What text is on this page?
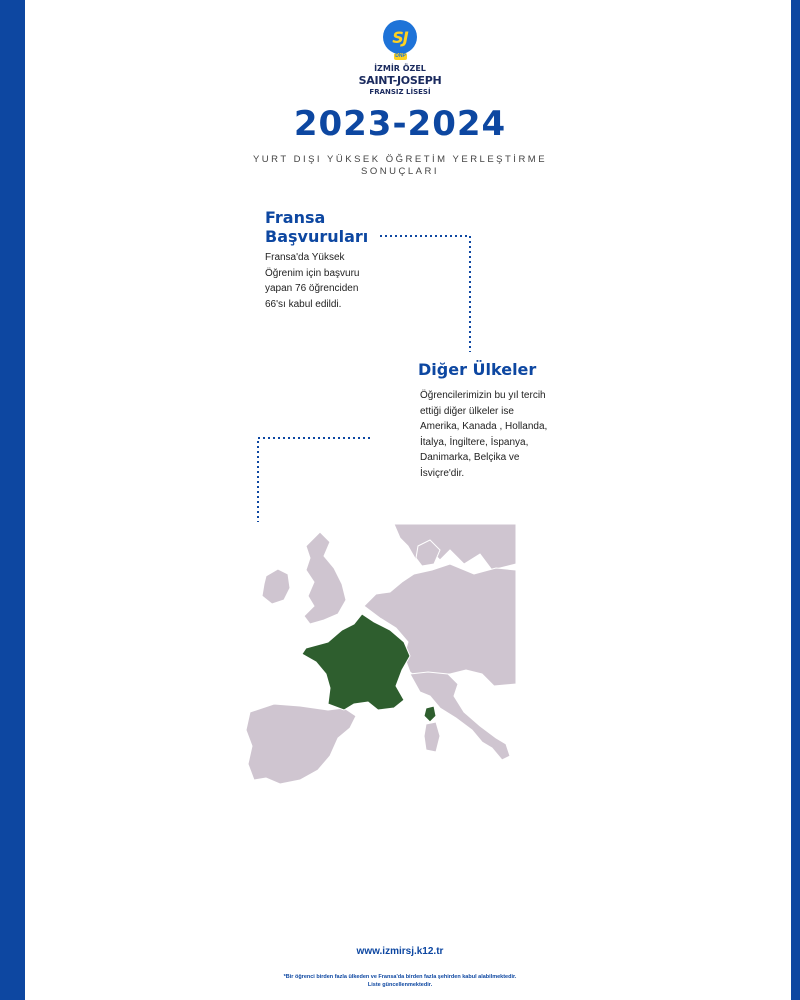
SJ
DNP
İZMİR ÖZEL
SAINT-JOSEPH
FRANSIZ LİSESİ
2023-2024
YURT DIŞI YÜKSEK ÖĞRETİM YERLEŞTİRME SONUÇLARI
Fransa
Başvuruları
Fransa'da Yüksek Öğrenim için başvuru yapan 76 öğrenciden 66'sı kabul edildi.
Diğer Ülkeler
Öğrencilerimizin bu yıl tercih ettiği diğer ülkeler ise Amerika, Kanada , Hollanda, İtalya, İngiltere, İspanya, Danimarka, Belçika ve İsviçre'dir.
www.izmirsj.k12.tr
*Bir öğrenci birden fazla ülkeden ve Fransa'da birden fazla şehirden kabul alabilmektedir.
Liste güncellenmektedir.
